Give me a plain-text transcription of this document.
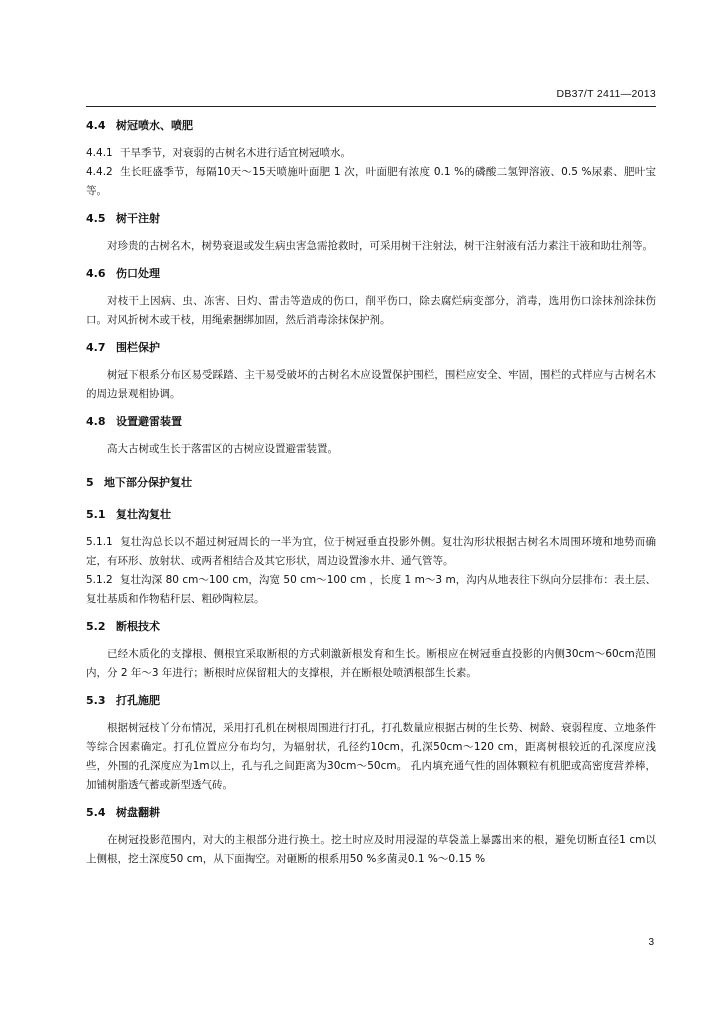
DB37/T 2411—2013
4.4 树冠喷水、喷肥

4.4.1 干旱季节，对衰弱的古树名木进行适宜树冠喷水。

4.4.2 生长旺盛季节，每隔10天～15天喷施叶面肥 1 次，叶面肥有浓度 0.1 %的磷酸二氢钾溶液、0.5 %尿素、肥叶宝等。

4.5 树干注射

对珍贵的古树名木，树势衰退或发生病虫害急需抢救时，可采用树干注射法，树干注射液有活力素注干液和助壮剂等。

4.6 伤口处理

对枝干上因病、虫、冻害、日灼、雷击等造成的伤口，削平伤口，除去腐烂病变部分，消毒，选用伤口涂抹剂涂抹伤口。对风折树木或干枝，用绳索捆绑加固，然后消毒涂抹保护剂。

4.7 围栏保护

树冠下根系分布区易受踩踏、主干易受破坏的古树名木应设置保护围栏，围栏应安全、牢固，围栏的式样应与古树名木的周边景观相协调。

4.8 设置避雷装置

高大古树或生长于落雷区的古树应设置避雷装置。

5 地下部分保护复壮
5.1 复壮沟复壮

5.1.1 复壮沟总长以不超过树冠周长的一半为宜，位于树冠垂直投影外侧。复壮沟形状根据古树名木周围环境和地势而确定，有环形、放射状、或两者相结合及其它形状，周边设置渗水井、通气管等。

5.1.2 复壮沟深 80 cm～100 cm，沟宽 50 cm～100 cm ，长度 1 m～3 m，沟内从地表往下纵向分层排布：表土层、复壮基质和作物秸秆层、粗砂陶粒层。

5.2 断根技术

已经木质化的支撑根、侧根宜采取断根的方式刺激新根发育和生长。断根应在树冠垂直投影的内侧30cm～60cm范围内，分 2 年～3 年进行；断根时应保留粗大的支撑根，并在断根处喷洒根部生长素。

5.3 打孔施肥

根据树冠枝丫分布情况，采用打孔机在树根周围进行打孔，打孔数量应根据古树的生长势、树龄、衰弱程度、立地条件等综合因素确定。打孔位置应分布均匀，为辐射状，孔径约10cm，孔深50cm～120 cm，距离树根较近的孔深度应浅些，外围的孔深度应为1m以上，孔与孔之间距离为30cm～50cm。 孔内填充通气性的固体颗粒有机肥或高密度营养棒，加铺树脂透气蓄或新型透气砖。

5.4 树盘翻耕

在树冠投影范围内，对大的主根部分进行换土。挖土时应及时用浸湿的草袋盖上暴露出来的根，避免切断直径1 cm以上侧根，挖土深度50 cm，从下面掏空。对砸断的根系用50 %多菌灵0.1 %～0.15 %

3
